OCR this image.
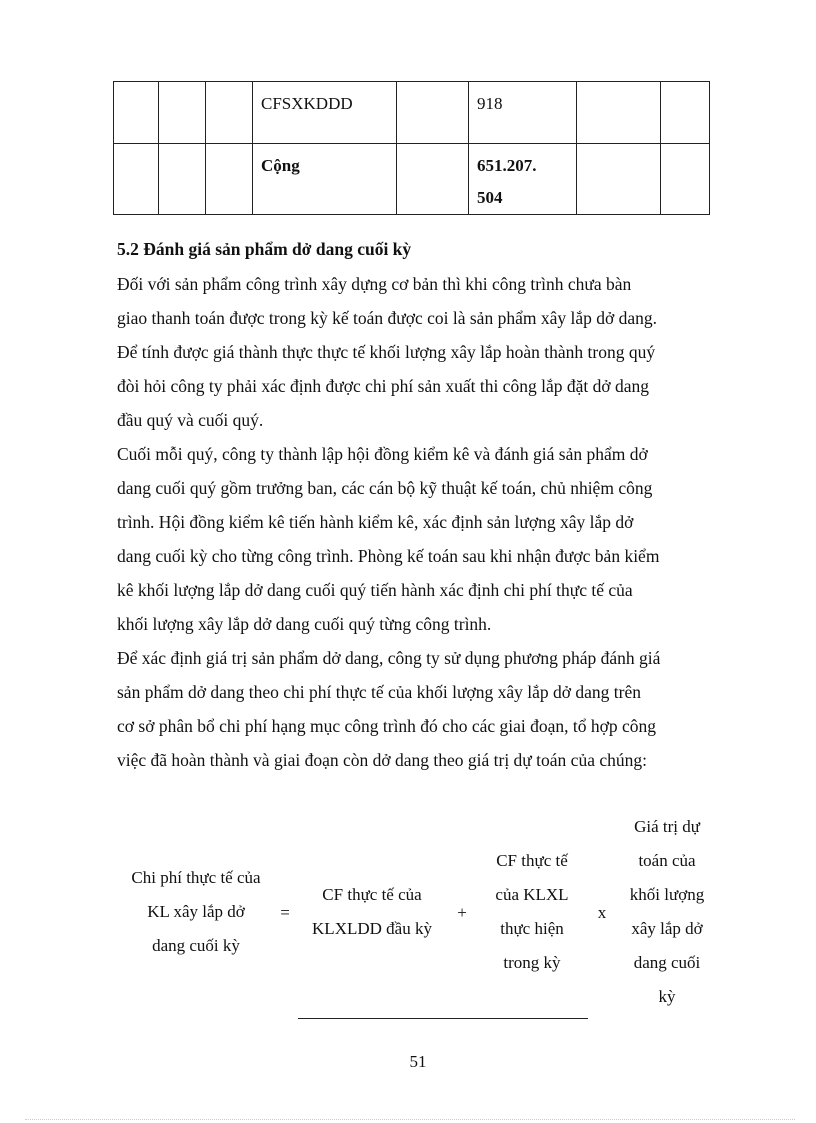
			CFSXKDDD		918		
			Cộng		651.207.
504		

5.2 Đánh giá sản phẩm dở dang cuối kỳ

Đối với sản phẩm công trình xây dựng cơ bản thì khi công trình chưa bàn
giao thanh toán được trong kỳ kế toán được coi là sản phẩm xây lắp dở dang.
Để tính được giá thành thực thực tế khối lượng xây lắp hoàn thành trong quý
đòi hỏi công ty phải xác định được chi phí sản xuất thi công lắp đặt dở dang
đầu quý và cuối quý.

Cuối mỗi quý, công ty thành lập hội đồng kiểm kê và đánh giá sản phẩm dở
dang cuối quý gồm trưởng ban, các cán bộ kỹ thuật kế toán, chủ nhiệm công
trình. Hội đồng kiểm kê tiến hành kiểm kê, xác định sản lượng xây lắp dở
dang cuối kỳ cho từng công trình. Phòng kế toán sau khi nhận được bản kiểm
kê khối lượng lắp dở dang cuối quý tiến hành xác định chi phí thực tế của
khối lượng xây lắp dở dang cuối quý từng công trình.

Để xác định giá trị sản phẩm dở dang, công ty sử dụng phương pháp đánh giá
sản phẩm dở dang theo chi phí thực tế của khối lượng xây lắp dở dang trên
cơ sở phân bổ chi phí hạng mục công trình đó cho các giai đoạn, tổ hợp công
việc đã hoàn thành và giai đoạn còn dở dang theo giá trị dự toán của chúng:

Chi phí thực tế của
KL xây lắp dở
dang cuối kỳ
=
CF thực tế của
KLXLDD đầu kỳ
+
CF thực tế
của KLXL
thực hiện
trong kỳ
x
Giá trị dự
toán của
khối lượng
xây lắp dở
dang cuối
kỳ
51
